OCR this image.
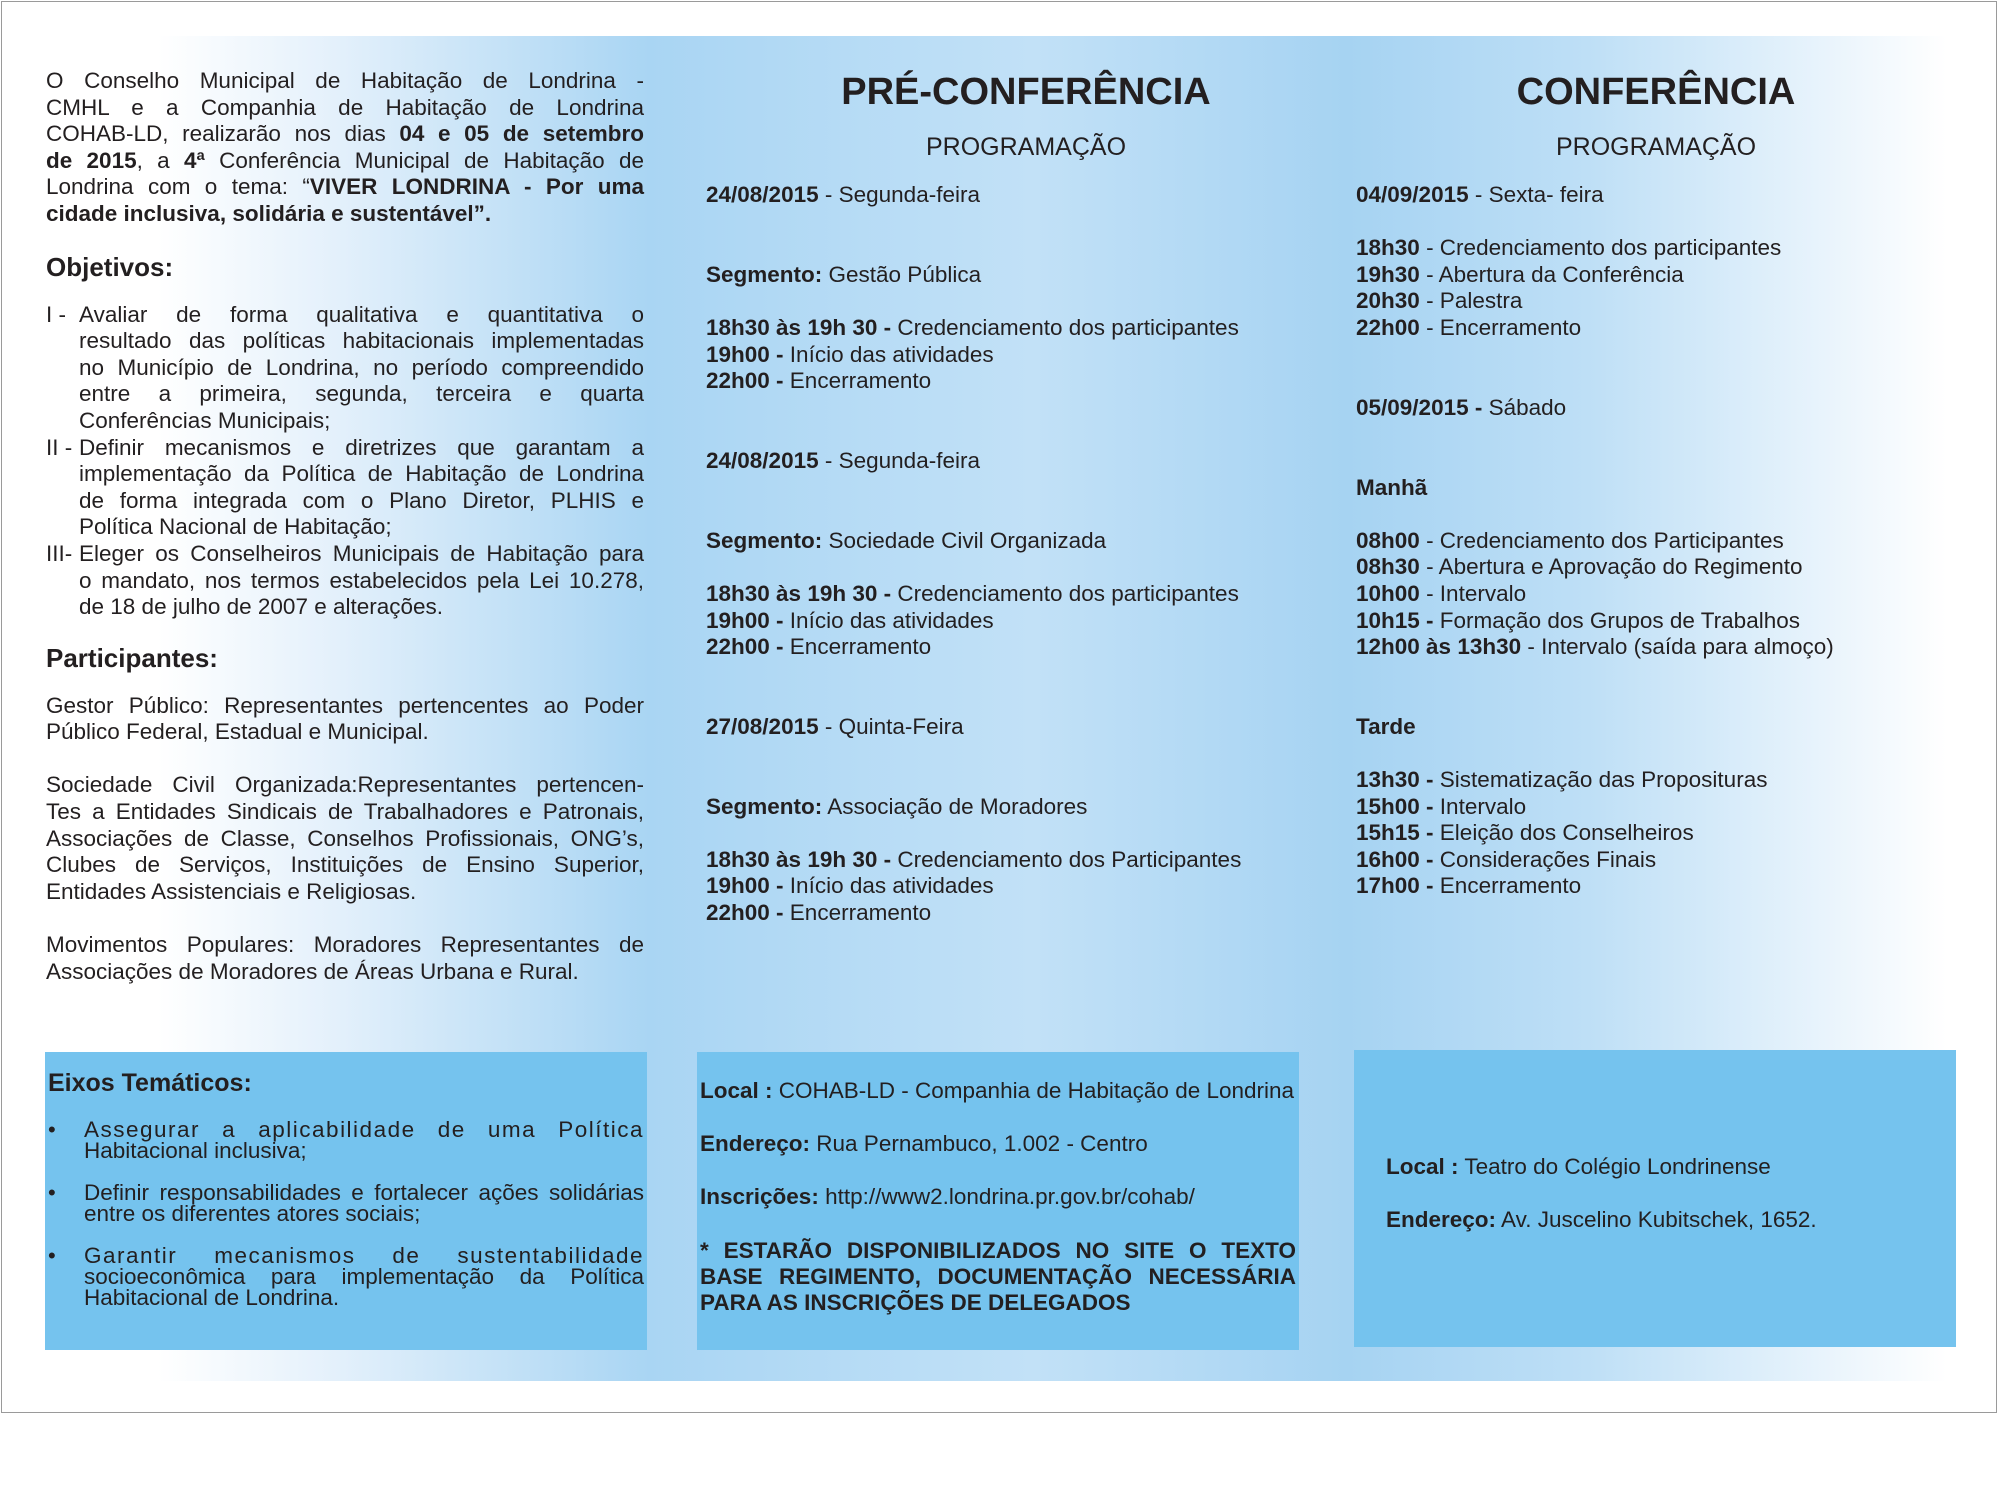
O Conselho Municipal de Habitação de Londrina -

CMHL e a Companhia de Habitação de Londrina

COHAB-LD, realizarão nos dias 04 e 05 de setembro

de 2015, a 4ª Conferência Municipal de Habitação de

Londrina com o tema: “VIVER LONDRINA - Por uma

cidade inclusiva, solidária e sustentável”.

Objetivos:

I - Avaliar de forma qualitativa e quantitativa o
resultado das políticas habitacionais implementadas
no Município de Londrina, no período compreendido
entre a primeira, segunda, terceira e quarta
Conferências Municipais;
II - Definir mecanismos e diretrizes que garantam a
implementação da Política de Habitação de Londrina
de forma integrada com o Plano Diretor, PLHIS e
Política Nacional de Habitação;
III- Eleger os Conselheiros Municipais de Habitação para
o mandato, nos termos estabelecidos pela Lei 10.278,
de 18 de julho de 2007 e alterações.

Participantes:

Gestor Público: Representantes pertencentes ao Poder

Público Federal, Estadual e Municipal.

Sociedade Civil Organizada:Representantes pertencen-

Tes a Entidades Sindicais de Trabalhadores e Patronais,

Associações de Classe, Conselhos Profissionais, ONG’s,

Clubes de Serviços, Instituições de Ensino Superior,

Entidades Assistenciais e Religiosas.

Movimentos Populares: Moradores Representantes de

Associações de Moradores de Áreas Urbana e Rural.

Eixos Temáticos:

•	Assegurar a aplicabilidade de uma Política
Habitacional inclusiva;
•	Definir responsabilidades e fortalecer ações solidárias
entre os diferentes atores sociais;
•	Garantir mecanismos de sustentabilidade
socioeconômica para implementação da Política
Habitacional de Londrina.

PRÉ-CONFERÊNCIA

PROGRAMAÇÃO

24/08/2015 - Segunda-feira

Segmento: Gestão Pública

18h30 às 19h 30 - Credenciamento dos participantes

19h00 - Início das atividades

22h00 - Encerramento

24/08/2015 - Segunda-feira

Segmento: Sociedade Civil Organizada

18h30 às 19h 30 - Credenciamento dos participantes

19h00 - Início das atividades

22h00 - Encerramento

27/08/2015 - Quinta-Feira

Segmento: Associação de Moradores

18h30 às 19h 30 - Credenciamento dos Participantes

19h00 - Início das atividades

22h00 - Encerramento

Local : COHAB-LD - Companhia de Habitação de Londrina

Endereço: Rua Pernambuco, 1.002 - Centro

Inscrições: http://www2.londrina.pr.gov.br/cohab/

* ESTARÃO DISPONIBILIZADOS NO SITE O TEXTO

BASE REGIMENTO, DOCUMENTAÇÃO NECESSÁRIA

PARA AS INSCRIÇÕES DE DELEGADOS

CONFERÊNCIA

PROGRAMAÇÃO

04/09/2015 - Sexta- feira

18h30 - Credenciamento dos participantes

19h30 - Abertura da Conferência

20h30 - Palestra

22h00 - Encerramento

05/09/2015 - Sábado

Manhã

08h00 - Credenciamento dos Participantes

08h30 - Abertura e Aprovação do Regimento

10h00 - Intervalo

10h15 - Formação dos Grupos de Trabalhos

12h00 às 13h30 - Intervalo (saída para almoço)

Tarde

13h30 - Sistematização das Proposituras

15h00 - Intervalo

15h15 - Eleição dos Conselheiros

16h00 - Considerações Finais

17h00 - Encerramento

Local : Teatro do Colégio Londrinense

Endereço: Av. Juscelino Kubitschek, 1652.
